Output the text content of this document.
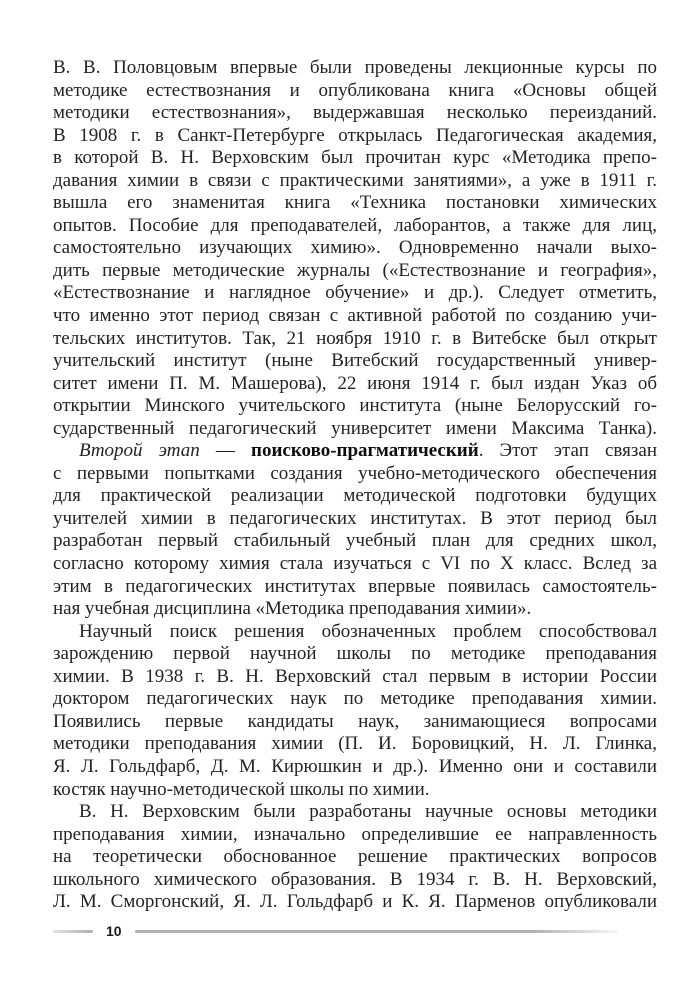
В. В. Половцовым впервые были проведены лекционные курсы по
методике естествознания и опубликована книга «Основы общей
методики естествознания», выдержавшая несколько переизданий.
В 1908 г. в Санкт-Петербурге открылась Педагогическая академия,
в которой В. Н. Верховским был прочитан курс «Методика препо-
давания химии в связи с практическими занятиями», а уже в 1911 г.
вышла его знаменитая книга «Техника постановки химических
опытов. Пособие для преподавателей, лаборантов, а также для лиц,
самостоятельно изучающих химию». Одновременно начали выхо-
дить первые методические журналы («Естествознание и география»,
«Естествознание и наглядное обучение» и др.). Следует отметить,
что именно этот период связан с активной работой по созданию учи-
тельских институтов. Так, 21 ноября 1910 г. в Витебске был открыт
учительский институт (ныне Витебский государственный универ-
ситет имени П. М. Машерова), 22 июня 1914 г. был издан Указ об
открытии Минского учительского института (ныне Белорусский го-
сударственный педагогический университет имени Максима Танка).
Второй этап — поисково-прагматический. Этот этап связан
с первыми попытками создания учебно-методического обеспечения
для практической реализации методической подготовки будущих
учителей химии в педагогических институтах. В этот период был
разработан первый стабильный учебный план для средних школ,
согласно которому химия стала изучаться с VI по X класс. Вслед за
этим в педагогических институтах впервые появилась самостоятель-
ная учебная дисциплина «Методика преподавания химии».
Научный поиск решения обозначенных проблем способствовал
зарождению первой научной школы по методике преподавания
химии. В 1938 г. В. Н. Верховский стал первым в истории России
доктором педагогических наук по методике преподавания химии.
Появились первые кандидаты наук, занимающиеся вопросами
методики преподавания химии (П. И. Боровицкий, Н. Л. Глинка,
Я. Л. Гольдфарб, Д. М. Кирюшкин и др.). Именно они и составили
костяк научно-методической школы по химии.
В. Н. Верховским были разработаны научные основы методики
преподавания химии, изначально определившие ее направленность
на теоретически обоснованное решение практических вопросов
школьного химического образования. В 1934 г. В. Н. Верховский,
Л. М. Сморгонский, Я. Л. Гольдфарб и К. Я. Парменов опубликовали
10
